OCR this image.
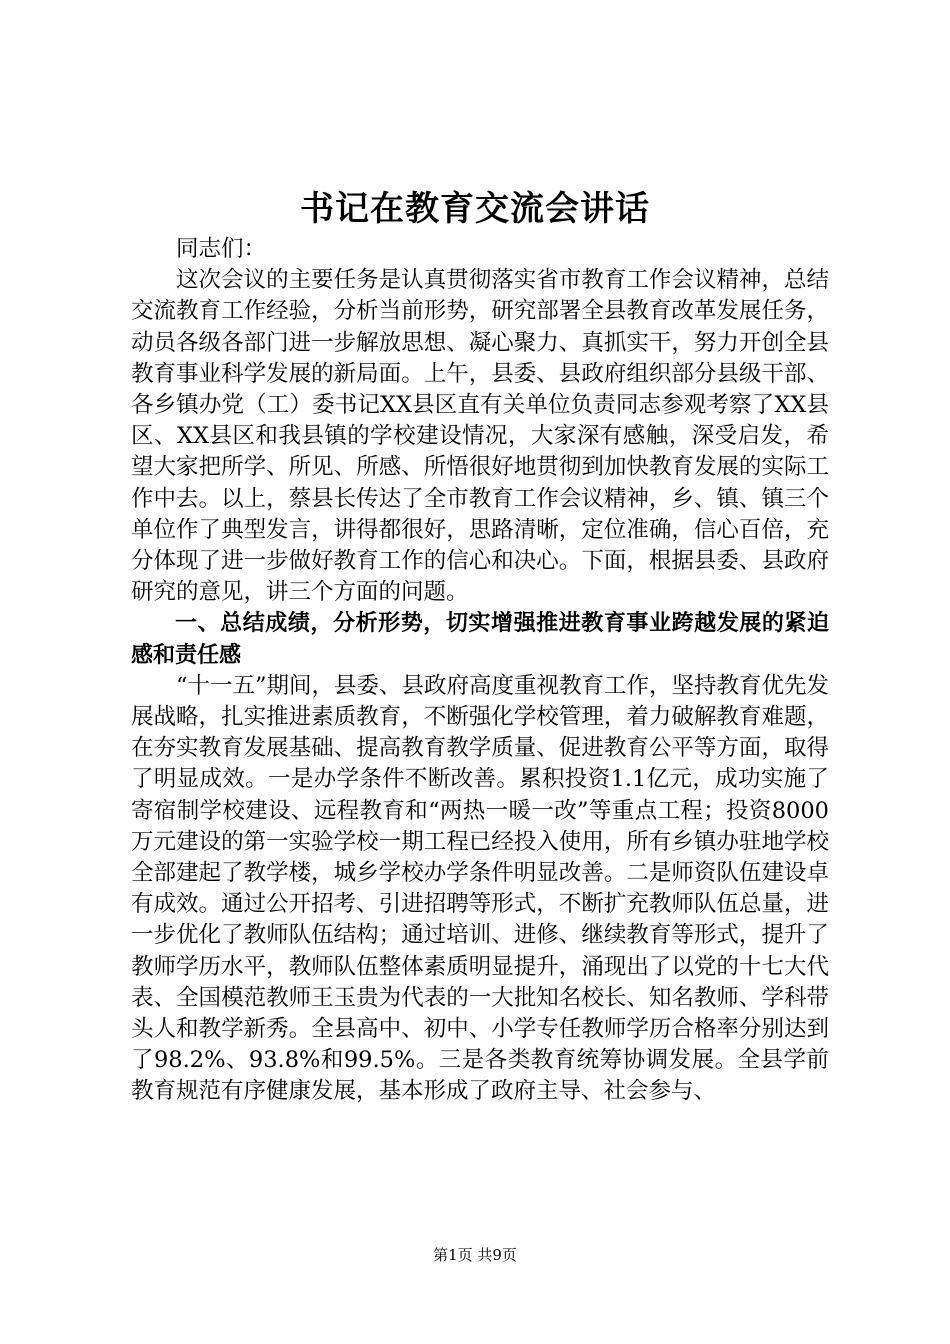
书记在教育交流会讲话

同志们：

这次会议的主要任务是认真贯彻落实省市教育工作会议精神，总结交流教育工作经验，分析当前形势，研究部署全县教育改革发展任务，动员各级各部门进一步解放思想、凝心聚力、真抓实干，努力开创全县教育事业科学发展的新局面。上午，县委、县政府组织部分县级干部、各乡镇办党（工）委书记XX县区直有关单位负责同志参观考察了XX县区、XX县区和我县镇的学校建设情况，大家深有感触，深受启发，希望大家把所学、所见、所感、所悟很好地贯彻到加快教育发展的实际工作中去。以上，蔡县长传达了全市教育工作会议精神，乡、镇、镇三个单位作了典型发言，讲得都很好，思路清晰，定位准确，信心百倍，充分体现了进一步做好教育工作的信心和决心。下面，根据县委、县政府研究的意见，讲三个方面的问题。

一、总结成绩，分析形势，切实增强推进教育事业跨越发展的紧迫感和责任感

“十一五”期间，县委、县政府高度重视教育工作，坚持教育优先发展战略，扎实推进素质教育，不断强化学校管理，着力破解教育难题，在夯实教育发展基础、提高教育教学质量、促进教育公平等方面，取得了明显成效。一是办学条件不断改善。累积投资1.1亿元，成功实施了寄宿制学校建设、远程教育和“两热一暖一改”等重点工程；投资8000万元建设的第一实验学校一期工程已经投入使用，所有乡镇办驻地学校全部建起了教学楼，城乡学校办学条件明显改善。二是师资队伍建设卓有成效。通过公开招考、引进招聘等形式，不断扩充教师队伍总量，进一步优化了教师队伍结构；通过培训、进修、继续教育等形式，提升了教师学历水平，教师队伍整体素质明显提升，涌现出了以党的十七大代表、全国模范教师王玉贵为代表的一大批知名校长、知名教师、学科带头人和教学新秀。全县高中、初中、小学专任教师学历合格率分别达到了98.2%、93.8%和99.5%。三是各类教育统筹协调发展。全县学前教育规范有序健康发展，基本形成了政府主导、社会参与、

第1页 共9页
